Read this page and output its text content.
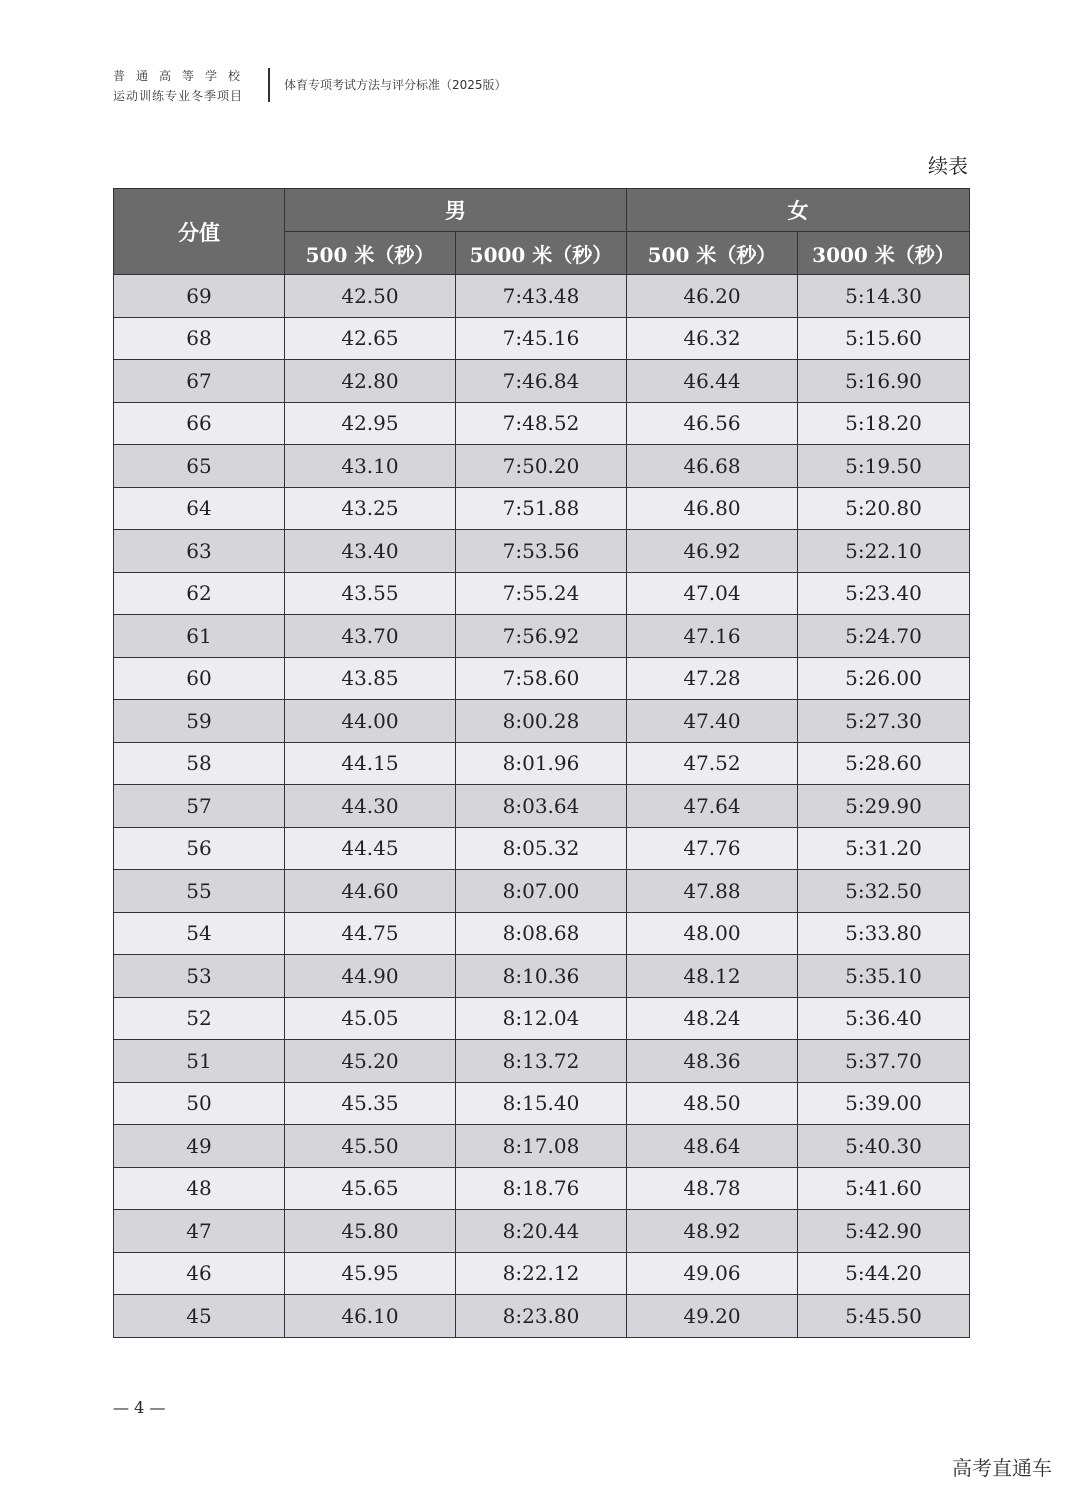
普通高等学校
运动训练专业冬季项目
体育专项考试方法与评分标准（2025版）
续表
分值	男		女	
	500 米（秒）	5000 米（秒）	500 米（秒）	3000 米（秒）
69	42.50	7:43.48	46.20	5:14.30
68	42.65	7:45.16	46.32	5:15.60
67	42.80	7:46.84	46.44	5:16.90
66	42.95	7:48.52	46.56	5:18.20
65	43.10	7:50.20	46.68	5:19.50
64	43.25	7:51.88	46.80	5:20.80
63	43.40	7:53.56	46.92	5:22.10
62	43.55	7:55.24	47.04	5:23.40
61	43.70	7:56.92	47.16	5:24.70
60	43.85	7:58.60	47.28	5:26.00
59	44.00	8:00.28	47.40	5:27.30
58	44.15	8:01.96	47.52	5:28.60
57	44.30	8:03.64	47.64	5:29.90
56	44.45	8:05.32	47.76	5:31.20
55	44.60	8:07.00	47.88	5:32.50
54	44.75	8:08.68	48.00	5:33.80
53	44.90	8:10.36	48.12	5:35.10
52	45.05	8:12.04	48.24	5:36.40
51	45.20	8:13.72	48.36	5:37.70
50	45.35	8:15.40	48.50	5:39.00
49	45.50	8:17.08	48.64	5:40.30
48	45.65	8:18.76	48.78	5:41.60
47	45.80	8:20.44	48.92	5:42.90
46	45.95	8:22.12	49.06	5:44.20
45	46.10	8:23.80	49.20	5:45.50
— 4 —
高考直通车
